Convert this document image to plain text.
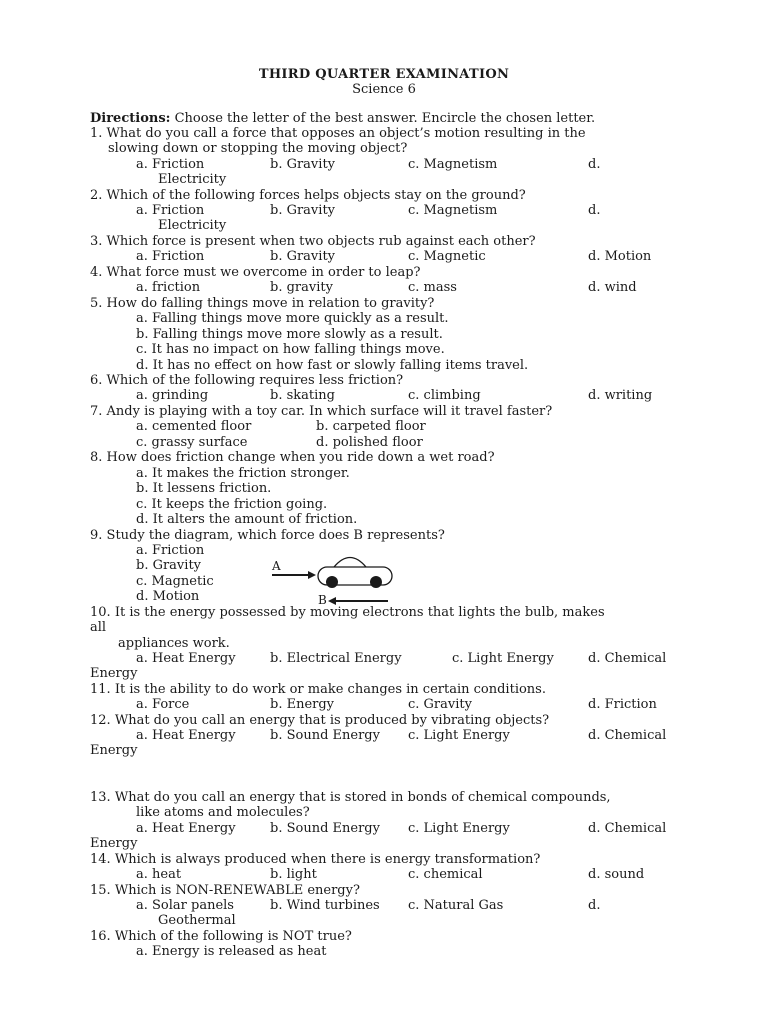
THIRD QUARTER EXAMINATION
Science 6
Directions: Choose the letter of the best answer. Encircle the chosen letter.
1. What do you call a force that opposes an object’s motion resulting in the
slowing down or stopping the moving object?
a. Friction	b. Gravity	c. Magnetism	d.
Electricity
2. Which of the following forces helps objects stay on the ground?
a. Friction	b. Gravity	c. Magnetism	d.
Electricity
3. Which force is present when two objects rub against each other?
a. Friction	b. Gravity	c. Magnetic	d. Motion
4. What force must we overcome in order to leap?
a. friction	b. gravity	c. mass	d. wind
5. How do falling things move in relation to gravity?
a. Falling things move more quickly as a result.
b. Falling things move more slowly as a result.
c. It has no impact on how falling things move.
d. It has no effect on how fast or slowly falling items travel.
6. Which of the following requires less friction?
a. grinding	b. skating	c. climbing	d. writing
7. Andy is playing with a toy car. In which surface will it travel faster?
a. cemented floor	b. carpeted floor
c. grassy surface	d. polished floor
8. How does friction change when you ride down a wet road?
a. It makes the friction stronger.
b. It lessens friction.
c. It keeps the friction going.
d. It alters the amount of friction.
9. Study the diagram, which force does B represents?
a. Friction
b. Gravity
c. Magnetic
d. Motion
A
B
10. It is the energy possessed by moving electrons that lights the bulb, makes
all
appliances work.
a. Heat Energy	b. Electrical Energy	c. Light Energy	d. Chemical
Energy
11. It is the ability to do work or make changes in certain conditions.
a. Force	b. Energy	c. Gravity	d. Friction
12. What do you call an energy that is produced by vibrating objects?
a. Heat Energy	b. Sound Energy c. Light Energy	d. Chemical
Energy
13. What do you call an energy that is stored in bonds of chemical compounds,
like atoms and molecules?
a. Heat Energy	b. Sound Energy c. Light Energy	d. Chemical
Energy
14. Which is always produced when there is energy transformation?
a. heat	b. light	c. chemical	d. sound
15. Which is NON-RENEWABLE energy?
a. Solar panels	b. Wind turbines c. Natural Gas	d.
Geothermal
16. Which of the following is NOT true?
a. Energy is released as heat
